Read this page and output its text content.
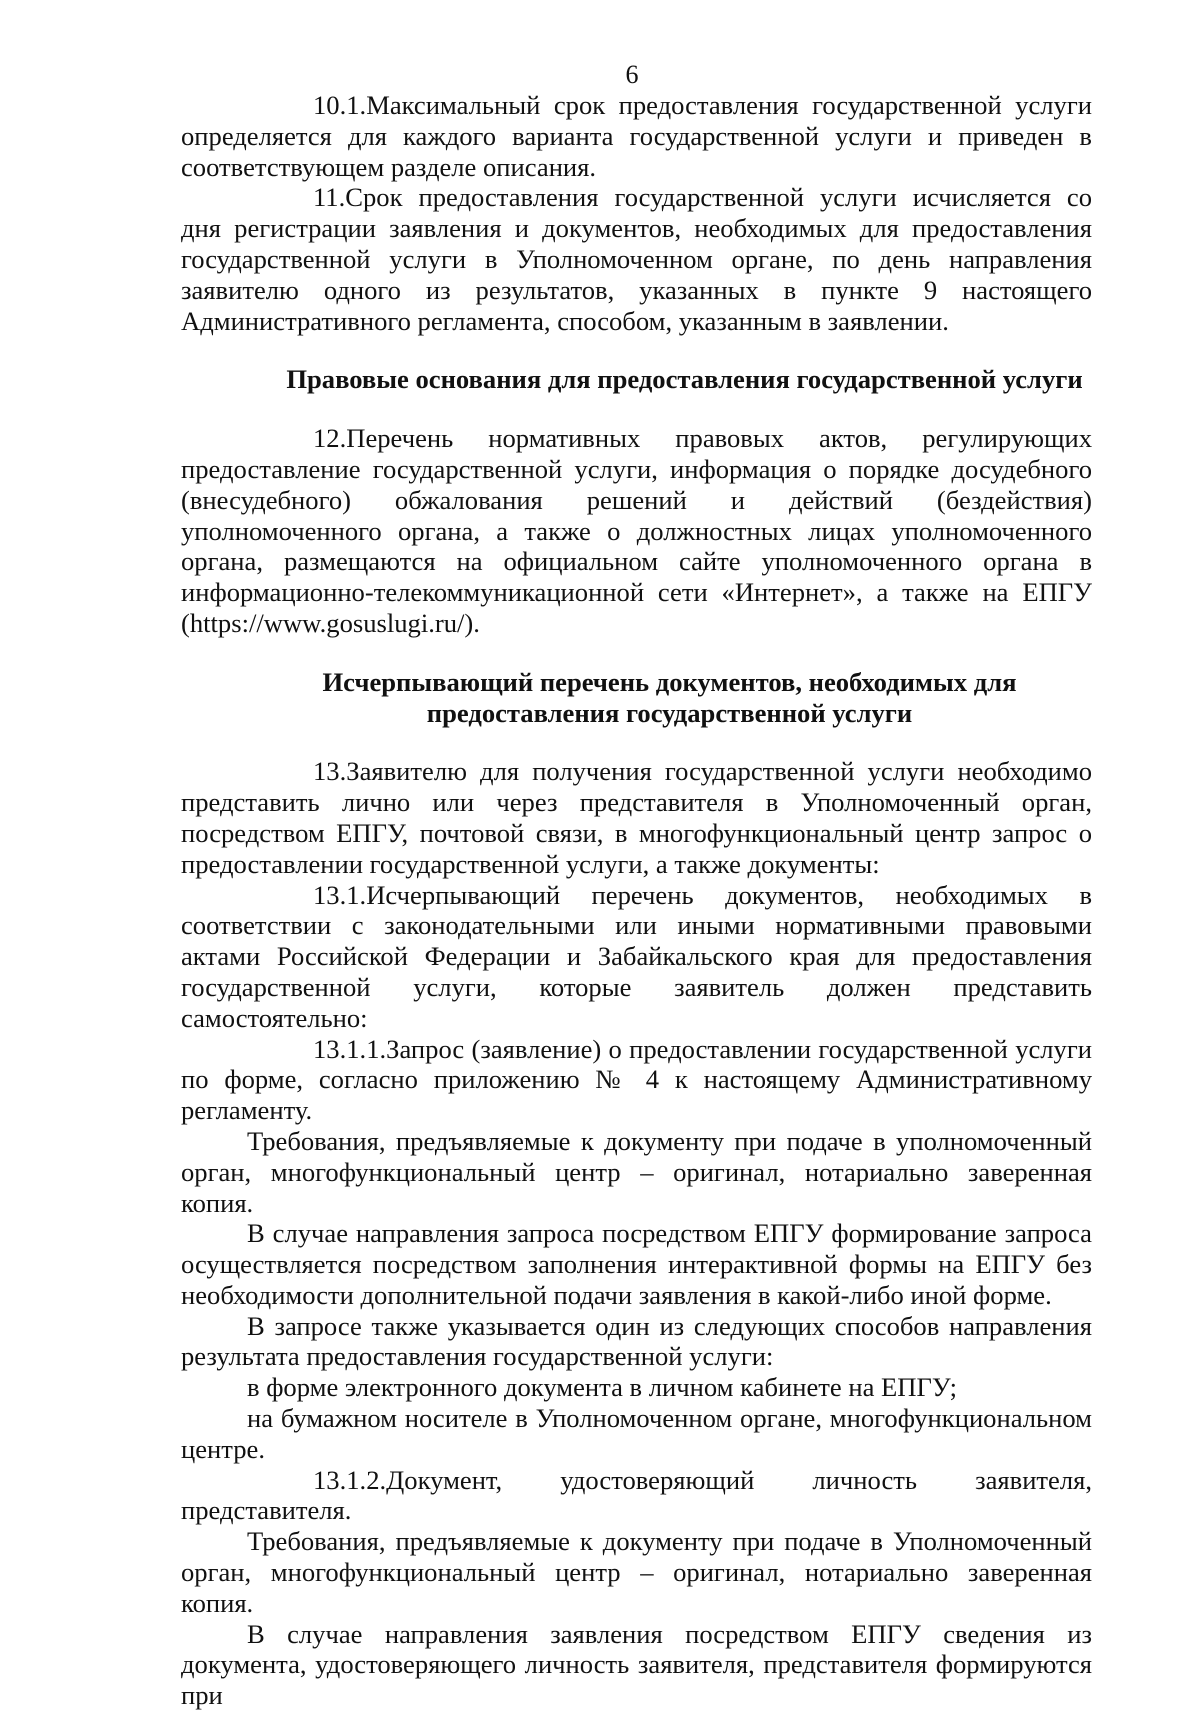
6

10.1.Максимальный срок предоставления государственной услуги определяется для каждого варианта государственной услуги и приведен в соответствующем разделе описания.

11.Срок предоставления государственной услуги исчисляется со дня регистрации заявления и документов, необходимых для предоставления государственной услуги в Уполномоченном органе, по день направления заявителю одного из результатов, указанных в пункте 9 настоящего Административного регламента, способом, указанным в заявлении.

Правовые основания для предоставления государственной услуги

12.Перечень нормативных правовых актов, регулирующих предоставление государственной услуги, информация о порядке досудебного (внесудебного) обжалования решений и действий (бездействия) уполномоченного органа, а также о должностных лицах уполномоченного органа, размещаются на официальном сайте уполномоченного органа в информационно-телекоммуникационной сети «Интернет», а также на ЕПГУ (https://www.gosuslugi.ru/).

Исчерпывающий перечень документов, необходимых для

предоставления государственной услуги

13.Заявителю для получения государственной услуги необходимо представить лично или через представителя в Уполномоченный орган, посредством ЕПГУ, почтовой связи, в многофункциональный центр запрос о предоставлении государственной услуги, а также документы:

13.1.Исчерпывающий перечень документов, необходимых в соответствии с законодательными или иными нормативными правовыми актами Российской Федерации и Забайкальского края для предоставления государственной услуги, которые заявитель должен представить самостоятельно:

13.1.1.Запрос (заявление) о предоставлении государственной услуги по форме, согласно приложению № 4 к настоящему Административному регламенту.

Требования, предъявляемые к документу при подаче в уполномоченный орган, многофункциональный центр – оригинал, нотариально заверенная копия.

В случае направления запроса посредством ЕПГУ формирование запроса осуществляется посредством заполнения интерактивной формы на ЕПГУ без необходимости дополнительной подачи заявления в какой-либо иной форме.

В запросе также указывается один из следующих способов направления результата предоставления государственной услуги:

в форме электронного документа в личном кабинете на ЕПГУ;

на бумажном носителе в Уполномоченном органе, многофункциональном центре.

13.1.2.Документ, удостоверяющий личность заявителя, представителя.

Требования, предъявляемые к документу при подаче в Уполномоченный орган, многофункциональный центр – оригинал, нотариально заверенная копия.

В случае направления заявления посредством ЕПГУ сведения из документа, удостоверяющего личность заявителя, представителя формируются при
